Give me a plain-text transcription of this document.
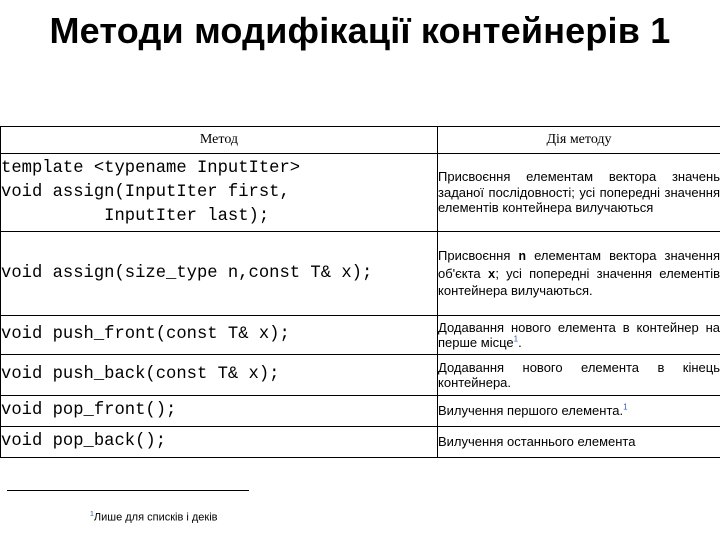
Методи модифікації контейнерів 1
Метод	Дія методу
template <typename InputIter>
void assign(InputIter first,
InputIter last);	Присвоєння елементам вектора значень заданої послідовності; усі попередні значення елементів контейнера вилучаються
void assign(size_type n,const T& x);	Присвоєння n елементам вектора значення об'єкта x; усі попередні значення елементів контейнера вилучаються.
void push_front(const T& x);	Додавання нового елемента в контейнер на перше місце$^1$.
void push_back(const T& x);	Додавання нового елемента в кінець контейнера.
void pop_front();	Вилучення першого елемента.$^1$
void pop_back();	Вилучення останнього елемента
$^1$Лише для списків і деків
